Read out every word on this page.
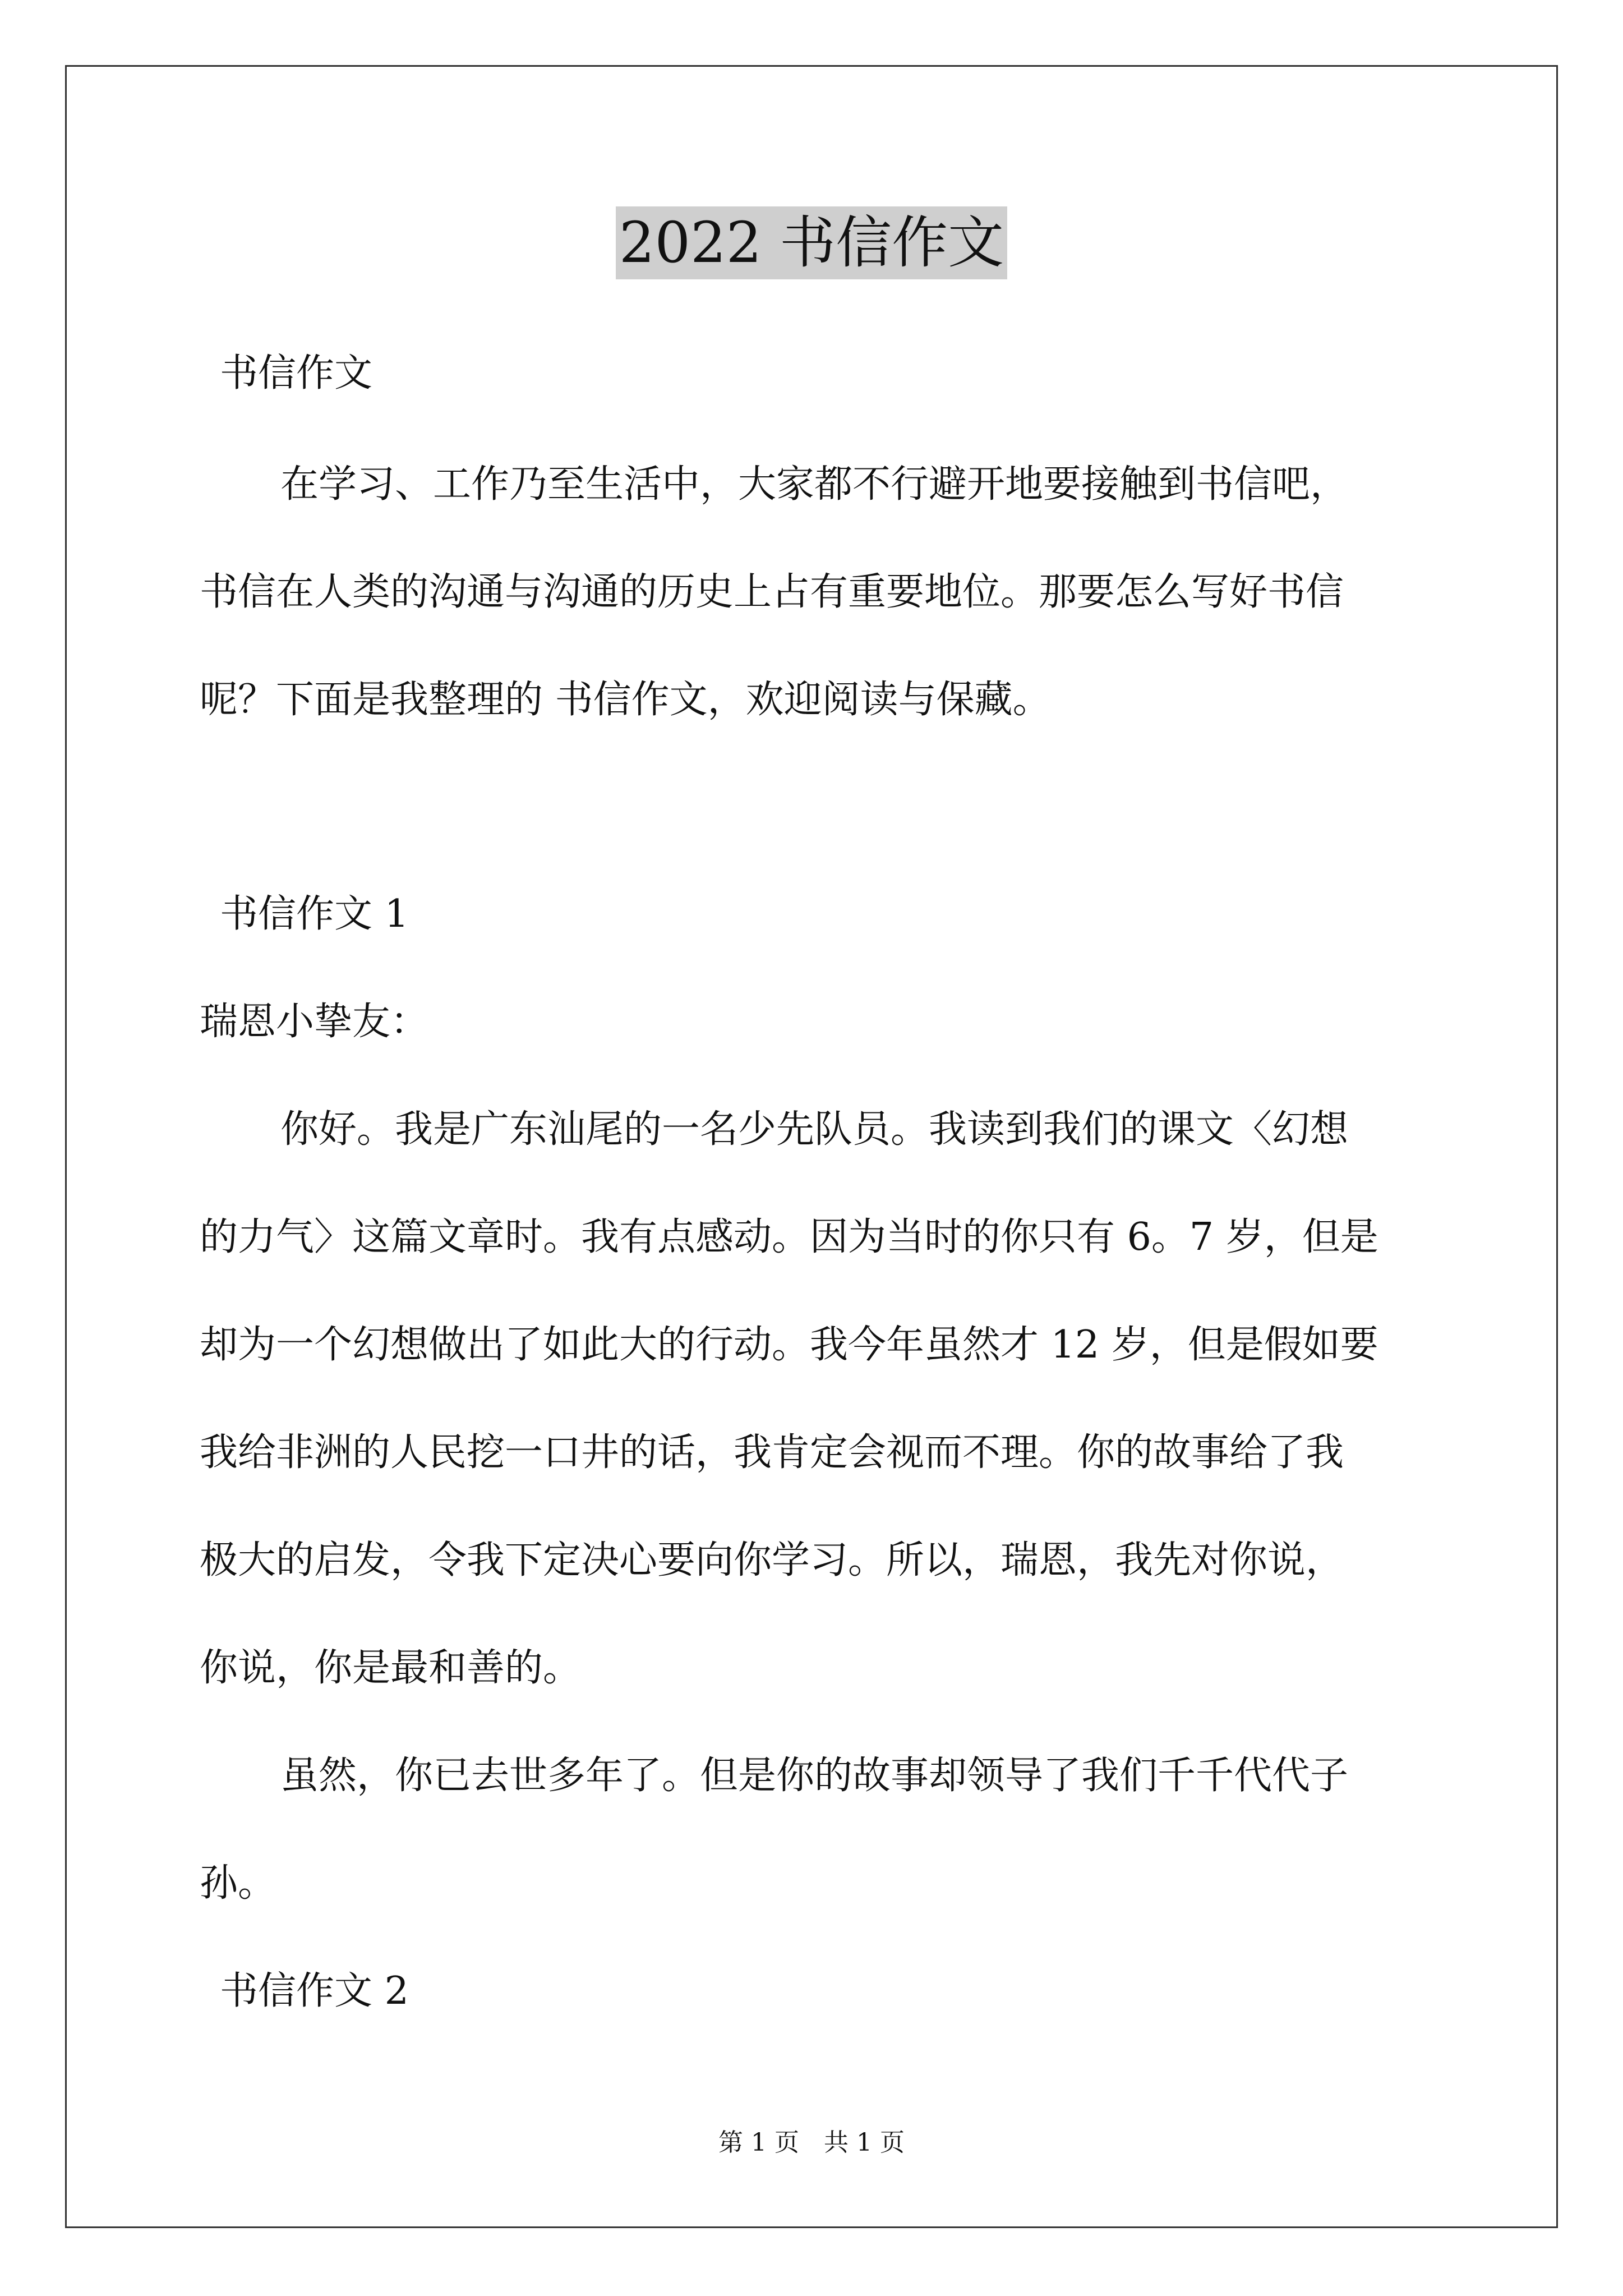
2022 书信作文

书信作文

在学习、工作乃至生活中，大家都不行避开地要接触到书信吧，

书信在人类的沟通与沟通的历史上占有重要地位。那要怎么写好书信

呢？下面是我整理的 书信作文，欢迎阅读与保藏。

书信作文 1

瑞恩小挚友：

你好。我是广东汕尾的一名少先队员。我读到我们的课文〈幻想

的力气〉这篇文章时。我有点感动。因为当时的你只有 6。7 岁，但是

却为一个幻想做出了如此大的行动。我今年虽然才 12 岁，但是假如要

我给非洲的人民挖一口井的话，我肯定会视而不理。你的故事给了我

极大的启发，令我下定决心要向你学习。所以，瑞恩，我先对你说，

你说，你是最和善的。

虽然，你已去世多年了。但是你的故事却领导了我们千千代代子

孙。

书信作文 2

第 1 页　共 1 页
